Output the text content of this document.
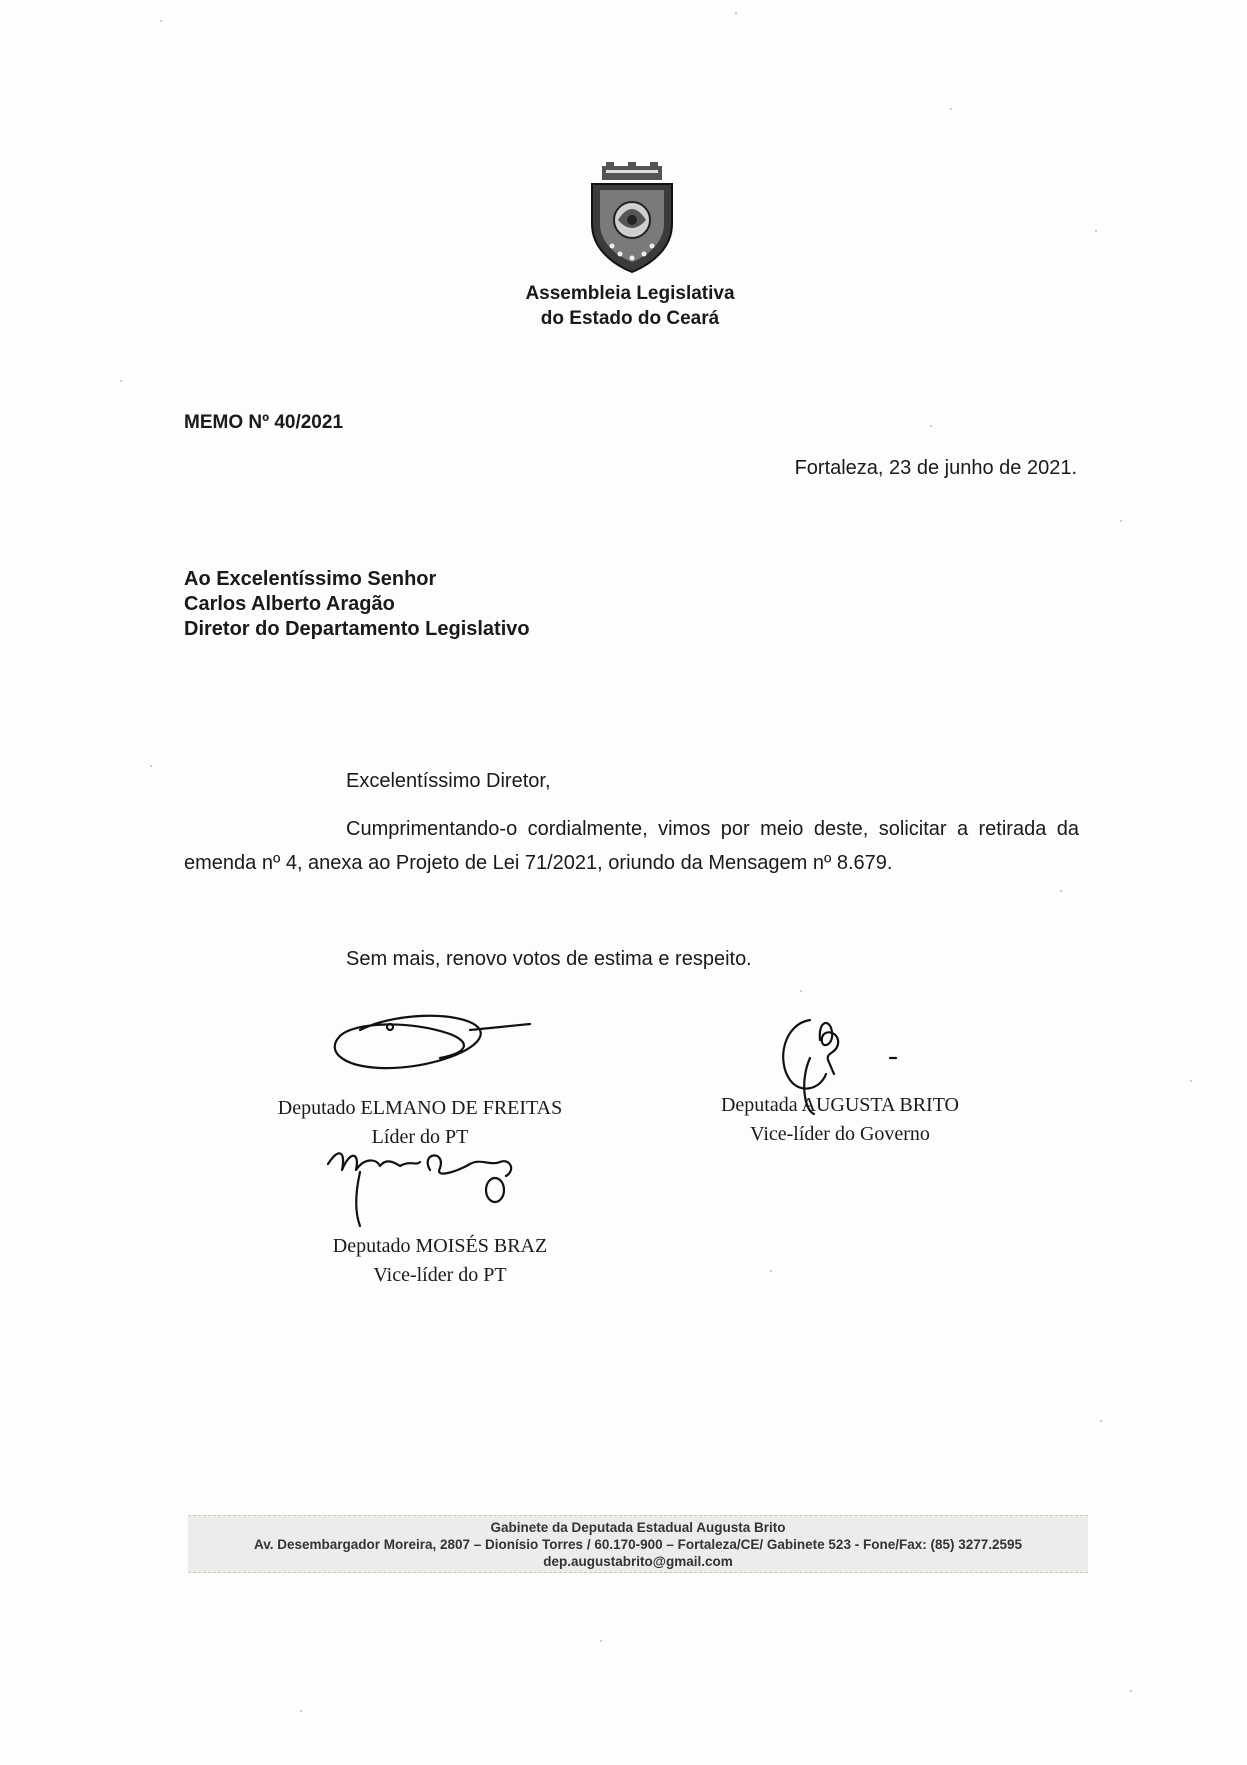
Assembleia Legislativa
do Estado do Ceará
MEMO Nº 40/2021
Fortaleza, 23 de junho de 2021.
Ao Excelentíssimo Senhor
Carlos Alberto Aragão
Diretor do Departamento Legislativo
Excelentíssimo Diretor,
Cumprimentando-o cordialmente, vimos por meio deste, solicitar a retirada da emenda nº 4, anexa ao Projeto de Lei 71/2021, oriundo da Mensagem nº 8.679.
Sem mais, renovo votos de estima e respeito.
Deputado ELMANO DE FREITAS
Líder do PT
Deputada AUGUSTA BRITO
Vice-líder do Governo
Deputado MOISÉS BRAZ
Vice-líder do PT
Gabinete da Deputada Estadual Augusta Brito
Av. Desembargador Moreira, 2807 – Dionísio Torres / 60.170-900 – Fortaleza/CE/ Gabinete 523 - Fone/Fax: (85) 3277.2595
dep.augustabrito@gmail.com
